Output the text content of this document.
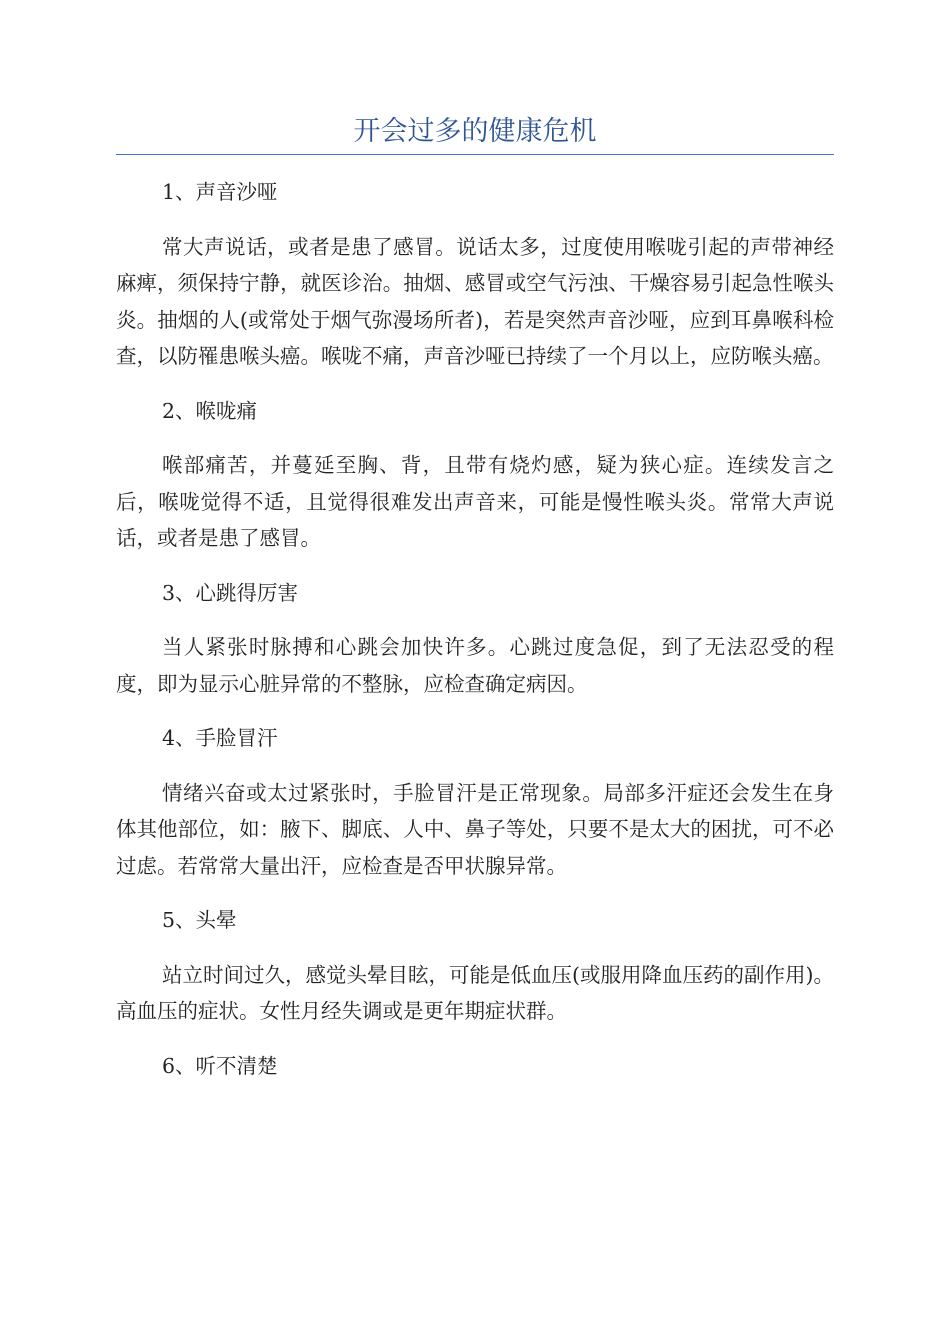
开会过多的健康危机

1、声音沙哑

常大声说话，或者是患了感冒。说话太多，过度使用喉咙引起的声带神经麻痺，须保持宁静，就医诊治。抽烟、感冒或空气污浊、干燥容易引起急性喉头炎。抽烟的人(或常处于烟气弥漫场所者)，若是突然声音沙哑，应到耳鼻喉科检查，以防罹患喉头癌。喉咙不痛，声音沙哑已持续了一个月以上，应防喉头癌。

2、喉咙痛

喉部痛苦，并蔓延至胸、背，且带有烧灼感，疑为狭心症。连续发言之后，喉咙觉得不适，且觉得很难发出声音来，可能是慢性喉头炎。常常大声说话，或者是患了感冒。

3、心跳得厉害

当人紧张时脉搏和心跳会加快许多。心跳过度急促，到了无法忍受的程度，即为显示心脏异常的不整脉，应检查确定病因。

4、手脸冒汗

情绪兴奋或太过紧张时，手脸冒汗是正常现象。局部多汗症还会发生在身体其他部位，如：腋下、脚底、人中、鼻子等处，只要不是太大的困扰，可不必过虑。若常常大量出汗，应检查是否甲状腺异常。

5、头晕

站立时间过久，感觉头晕目眩，可能是低血压(或服用降血压药的副作用)。高血压的症状。女性月经失调或是更年期症状群。

6、听不清楚
